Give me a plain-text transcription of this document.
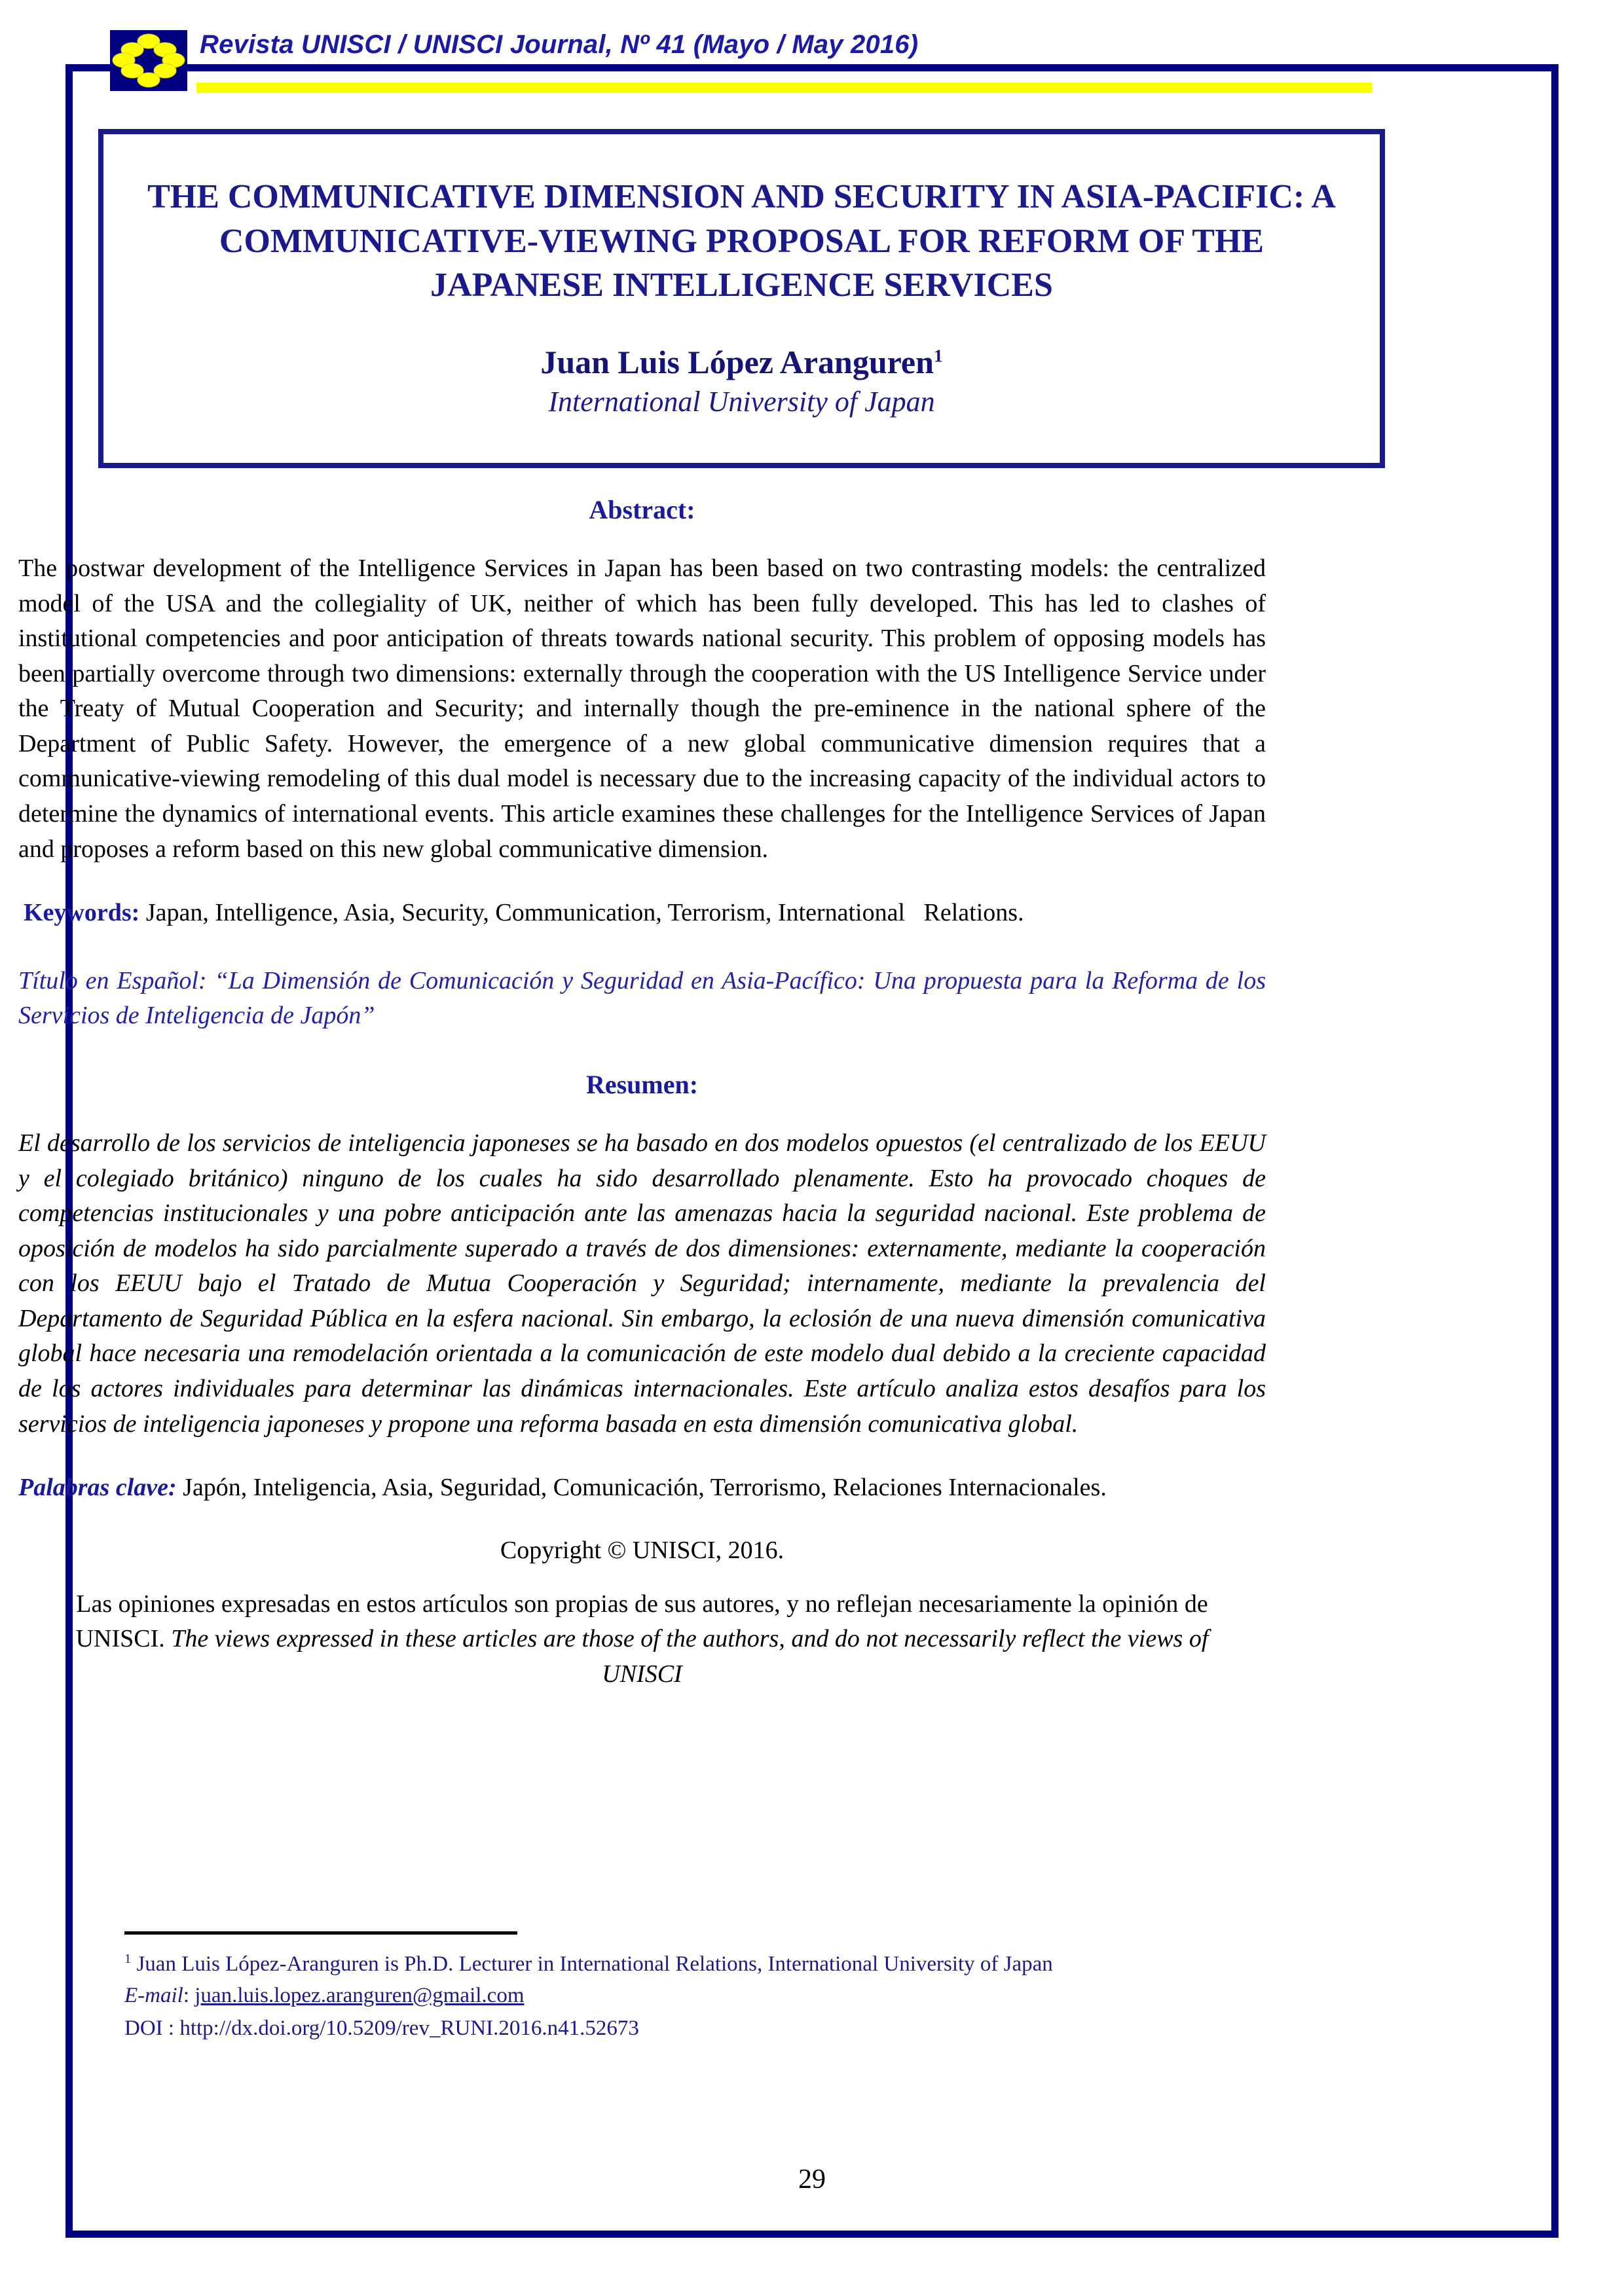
Revista UNISCI / UNISCI Journal, Nº 41 (Mayo / May 2016)
THE COMMUNICATIVE DIMENSION AND SECURITY IN ASIA-PACIFIC: A COMMUNICATIVE-VIEWING PROPOSAL FOR REFORM OF THE JAPANESE INTELLIGENCE SERVICES
Juan Luis López Aranguren$^1$
International University of Japan
Abstract:

The postwar development of the Intelligence Services in Japan has been based on two contrasting models: the centralized model of the USA and the collegiality of UK, neither of which has been fully developed. This has led to clashes of institutional competencies and poor anticipation of threats towards national security. This problem of opposing models has been partially overcome through two dimensions: externally through the cooperation with the US Intelligence Service under the Treaty of Mutual Cooperation and Security; and internally though the pre-eminence in the national sphere of the Department of Public Safety. However, the emergence of a new global communicative dimension requires that a communicative-viewing remodeling of this dual model is necessary due to the increasing capacity of the individual actors to determine the dynamics of international events. This article examines these challenges for the Intelligence Services of Japan and proposes a reform based on this new global communicative dimension.

Keywords: Japan, Intelligence, Asia, Security, Communication, Terrorism, International Relations.
Título en Español: “La Dimensión de Comunicación y Seguridad en Asia-Pacífico: Una propuesta para la Reforma de los Servicios de Inteligencia de Japón”
Resumen:

El desarrollo de los servicios de inteligencia japoneses se ha basado en dos modelos opuestos (el centralizado de los EEUU y el colegiado británico) ninguno de los cuales ha sido desarrollado plenamente. Esto ha provocado choques de competencias institucionales y una pobre anticipación ante las amenazas hacia la seguridad nacional. Este problema de oposición de modelos ha sido parcialmente superado a través de dos dimensiones: externamente, mediante la cooperación con los EEUU bajo el Tratado de Mutua Cooperación y Seguridad; internamente, mediante la prevalencia del Departamento de Seguridad Pública en la esfera nacional. Sin embargo, la eclosión de una nueva dimensión comunicativa global hace necesaria una remodelación orientada a la comunicación de este modelo dual debido a la creciente capacidad de los actores individuales para determinar las dinámicas internacionales. Este artículo analiza estos desafíos para los servicios de inteligencia japoneses y propone una reforma basada en esta dimensión comunicativa global.

Palabras clave: Japón, Inteligencia, Asia, Seguridad, Comunicación, Terrorismo, Relaciones Internacionales.
Copyright © UNISCI, 2016.
Las opiniones expresadas en estos artículos son propias de sus autores, y no reflejan necesariamente la opinión de UNISCI. The views expressed in these articles are those of the authors, and do not necessarily reflect the views of UNISCI
$^1$ Juan Luis López-Aranguren is Ph.D. Lecturer in International Relations, International University of Japan
E-mail: juan.luis.lopez.aranguren@gmail.com
DOI : http://dx.doi.org/10.5209/rev_RUNI.2016.n41.52673
29
